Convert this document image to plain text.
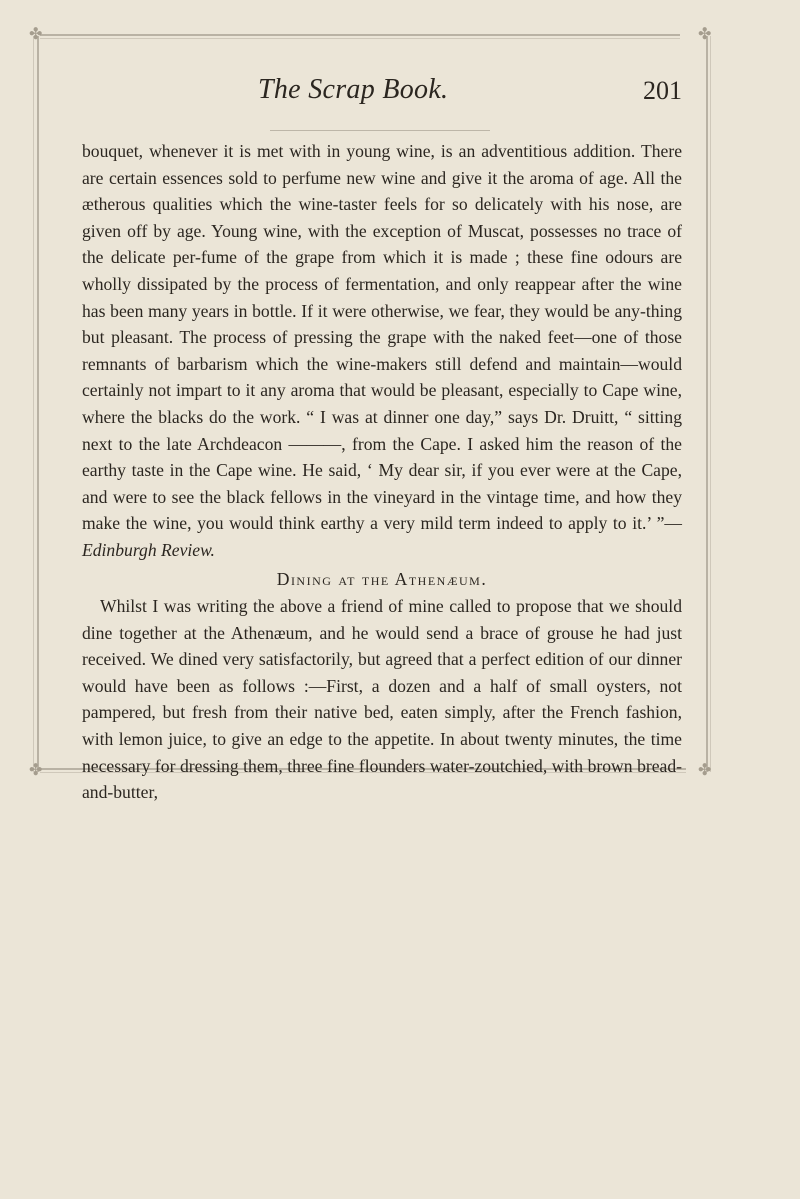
✤	✤
✤	✤
The Scrap Book.	201

bouquet, whenever it is met with in young wine, is an adventitious addition. There are certain essences sold to perfume new wine and give it the aroma of age. All the ætherous qualities which the wine-taster feels for so delicately with his nose, are given off by age. Young wine, with the exception of Muscat, possesses no trace of the delicate per-fume of the grape from which it is made ; these fine odours are wholly dissipated by the process of fermentation, and only reappear after the wine has been many years in bottle. If it were otherwise, we fear, they would be any-thing but pleasant. The process of pressing the grape with the naked feet—one of those remnants of barbarism which the wine-makers still defend and maintain—would certainly not impart to it any aroma that would be pleasant, especially to Cape wine, where the blacks do the work. “ I was at dinner one day,” says Dr. Druitt, “ sitting next to the late Archdeacon ———, from the Cape. I asked him the reason of the earthy taste in the Cape wine. He said, ‘ My dear sir, if you ever were at the Cape, and were to see the black fellows in the vineyard in the vintage time, and how they make the wine, you would think earthy a very mild term indeed to apply to it.’ ”—Edinburgh Review.

Dining at the Athenæum.

Whilst I was writing the above a friend of mine called to propose that we should dine together at the Athenæum, and he would send a brace of grouse he had just received. We dined very satisfactorily, but agreed that a perfect edition of our dinner would have been as follows :—First, a dozen and a half of small oysters, not pampered, but fresh from their native bed, eaten simply, after the French fashion, with lemon juice, to give an edge to the appetite. In about twenty minutes, the time necessary for dressing them, three fine flounders water-zoutchied, with brown bread-and-butter,
